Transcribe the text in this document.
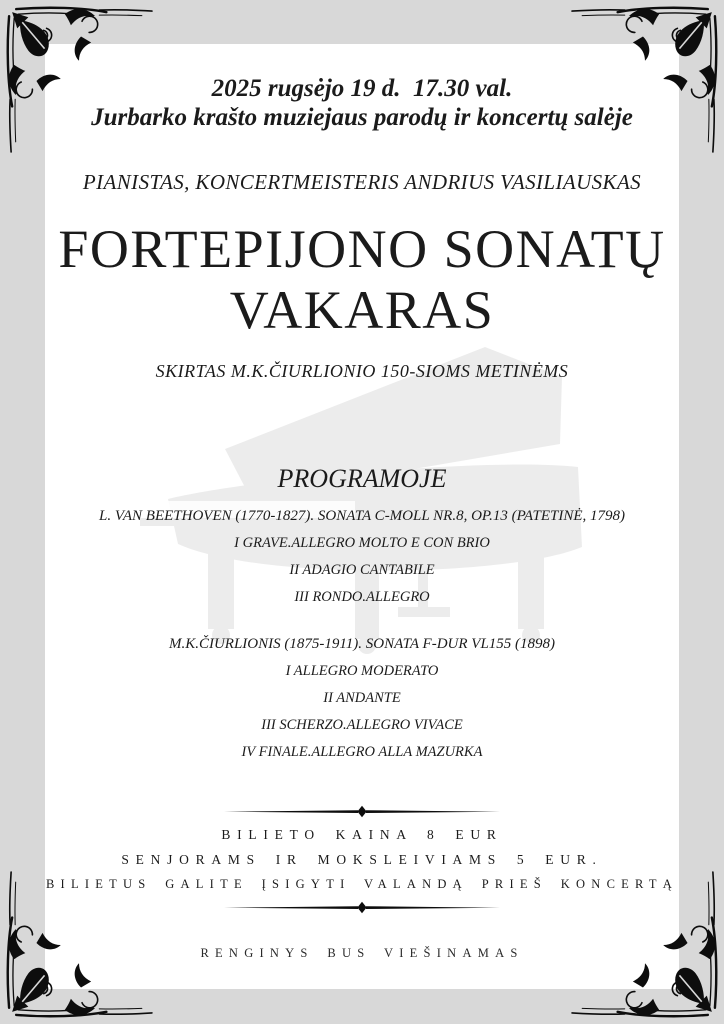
2025 rugsėjo 19 d.  17.30 val.
Jurbarko krašto muziejaus parodų ir koncertų salėje
PIANISTAS, KONCERTMEISTERIS ANDRIUS VASILIAUSKAS
FORTEPIJONO SONATŲ
VAKARAS
SKIRTAS M.K.ČIURLIONIO 150-SIOMS METINĖMS
PROGRAMOJE
L. VAN BEETHOVEN (1770-1827). SONATA C-MOLL NR.8, OP.13 (PATETINĖ, 1798)
I GRAVE.ALLEGRO MOLTO E CON BRIO
II ADAGIO CANTABILE
III RONDO.ALLEGRO
M.K.ČIURLIONIS (1875-1911). SONATA F-DUR VL155 (1898)
I ALLEGRO MODERATO
II ANDANTE
III SCHERZO.ALLEGRO VIVACE
IV FINALE.ALLEGRO ALLA MAZURKA
BILIETO KAINA 8 EUR
SENJORAMS IR MOKSLEIVIAMS 5 EUR.
BILIETUS GALITE ĮSIGYTI VALANDĄ PRIEŠ KONCERTĄ
RENGINYS BUS VIEŠINAMAS
